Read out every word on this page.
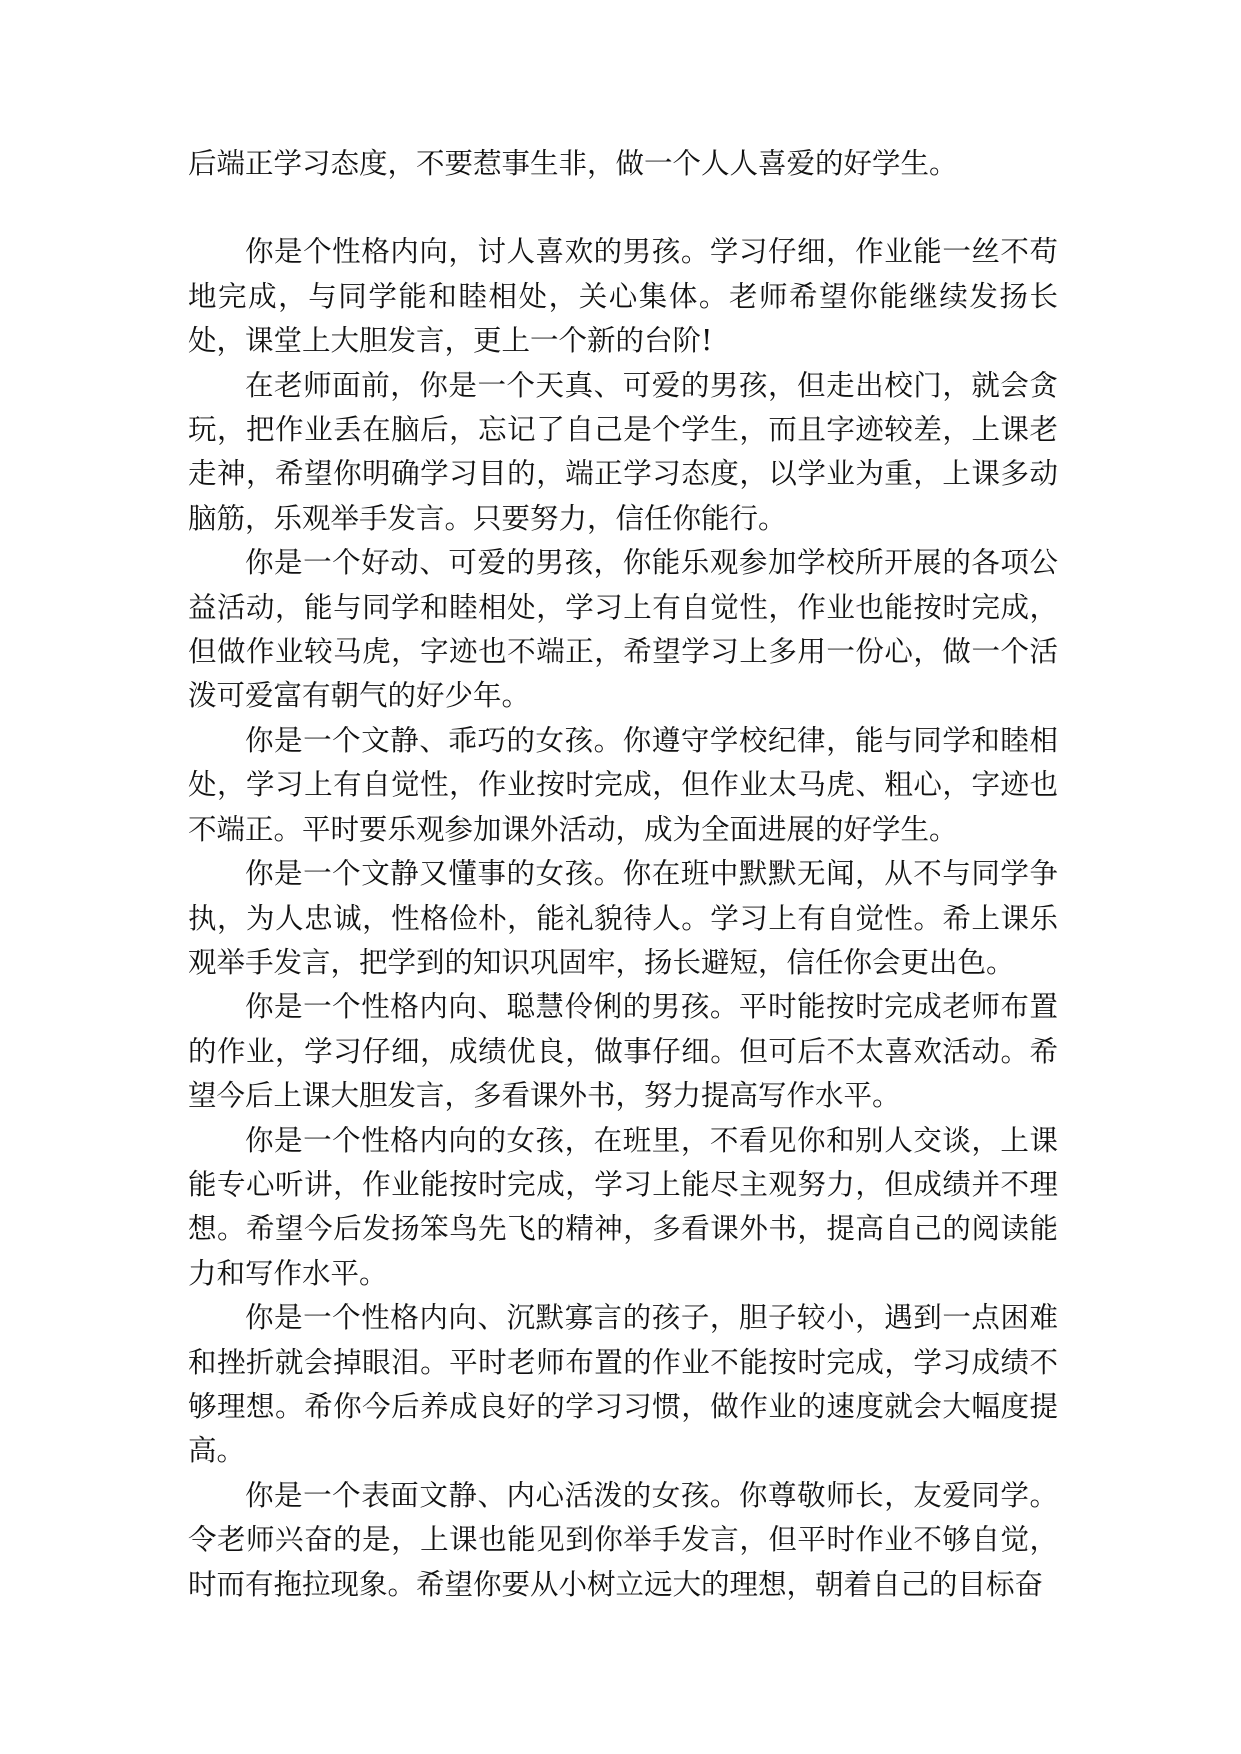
后端正学习态度，不要惹事生非，做一个人人喜爱的好学生。

你是个性格内向，讨人喜欢的男孩。学习仔细，作业能一丝不苟地完成，与同学能和睦相处，关心集体。老师希望你能继续发扬长处，课堂上大胆发言，更上一个新的台阶!

在老师面前，你是一个天真、可爱的男孩，但走出校门，就会贪玩，把作业丢在脑后，忘记了自己是个学生，而且字迹较差，上课老走神，希望你明确学习目的，端正学习态度，以学业为重，上课多动脑筋，乐观举手发言。只要努力，信任你能行。

你是一个好动、可爱的男孩，你能乐观参加学校所开展的各项公益活动，能与同学和睦相处，学习上有自觉性，作业也能按时完成，但做作业较马虎，字迹也不端正，希望学习上多用一份心，做一个活泼可爱富有朝气的好少年。

你是一个文静、乖巧的女孩。你遵守学校纪律，能与同学和睦相处，学习上有自觉性，作业按时完成，但作业太马虎、粗心，字迹也不端正。平时要乐观参加课外活动，成为全面进展的好学生。

你是一个文静又懂事的女孩。你在班中默默无闻，从不与同学争执，为人忠诚，性格俭朴，能礼貌待人。学习上有自觉性。希上课乐观举手发言，把学到的知识巩固牢，扬长避短，信任你会更出色。

你是一个性格内向、聪慧伶俐的男孩。平时能按时完成老师布置的作业，学习仔细，成绩优良，做事仔细。但可后不太喜欢活动。希望今后上课大胆发言，多看课外书，努力提高写作水平。

你是一个性格内向的女孩，在班里，不看见你和别人交谈，上课能专心听讲，作业能按时完成，学习上能尽主观努力，但成绩并不理想。希望今后发扬笨鸟先飞的精神，多看课外书，提高自己的阅读能力和写作水平。

你是一个性格内向、沉默寡言的孩子，胆子较小，遇到一点困难和挫折就会掉眼泪。平时老师布置的作业不能按时完成，学习成绩不够理想。希你今后养成良好的学习习惯，做作业的速度就会大幅度提高。

你是一个表面文静、内心活泼的女孩。你尊敬师长，友爱同学。令老师兴奋的是，上课也能见到你举手发言，但平时作业不够自觉，时而有拖拉现象。希望你要从小树立远大的理想，朝着自己的目标奋
